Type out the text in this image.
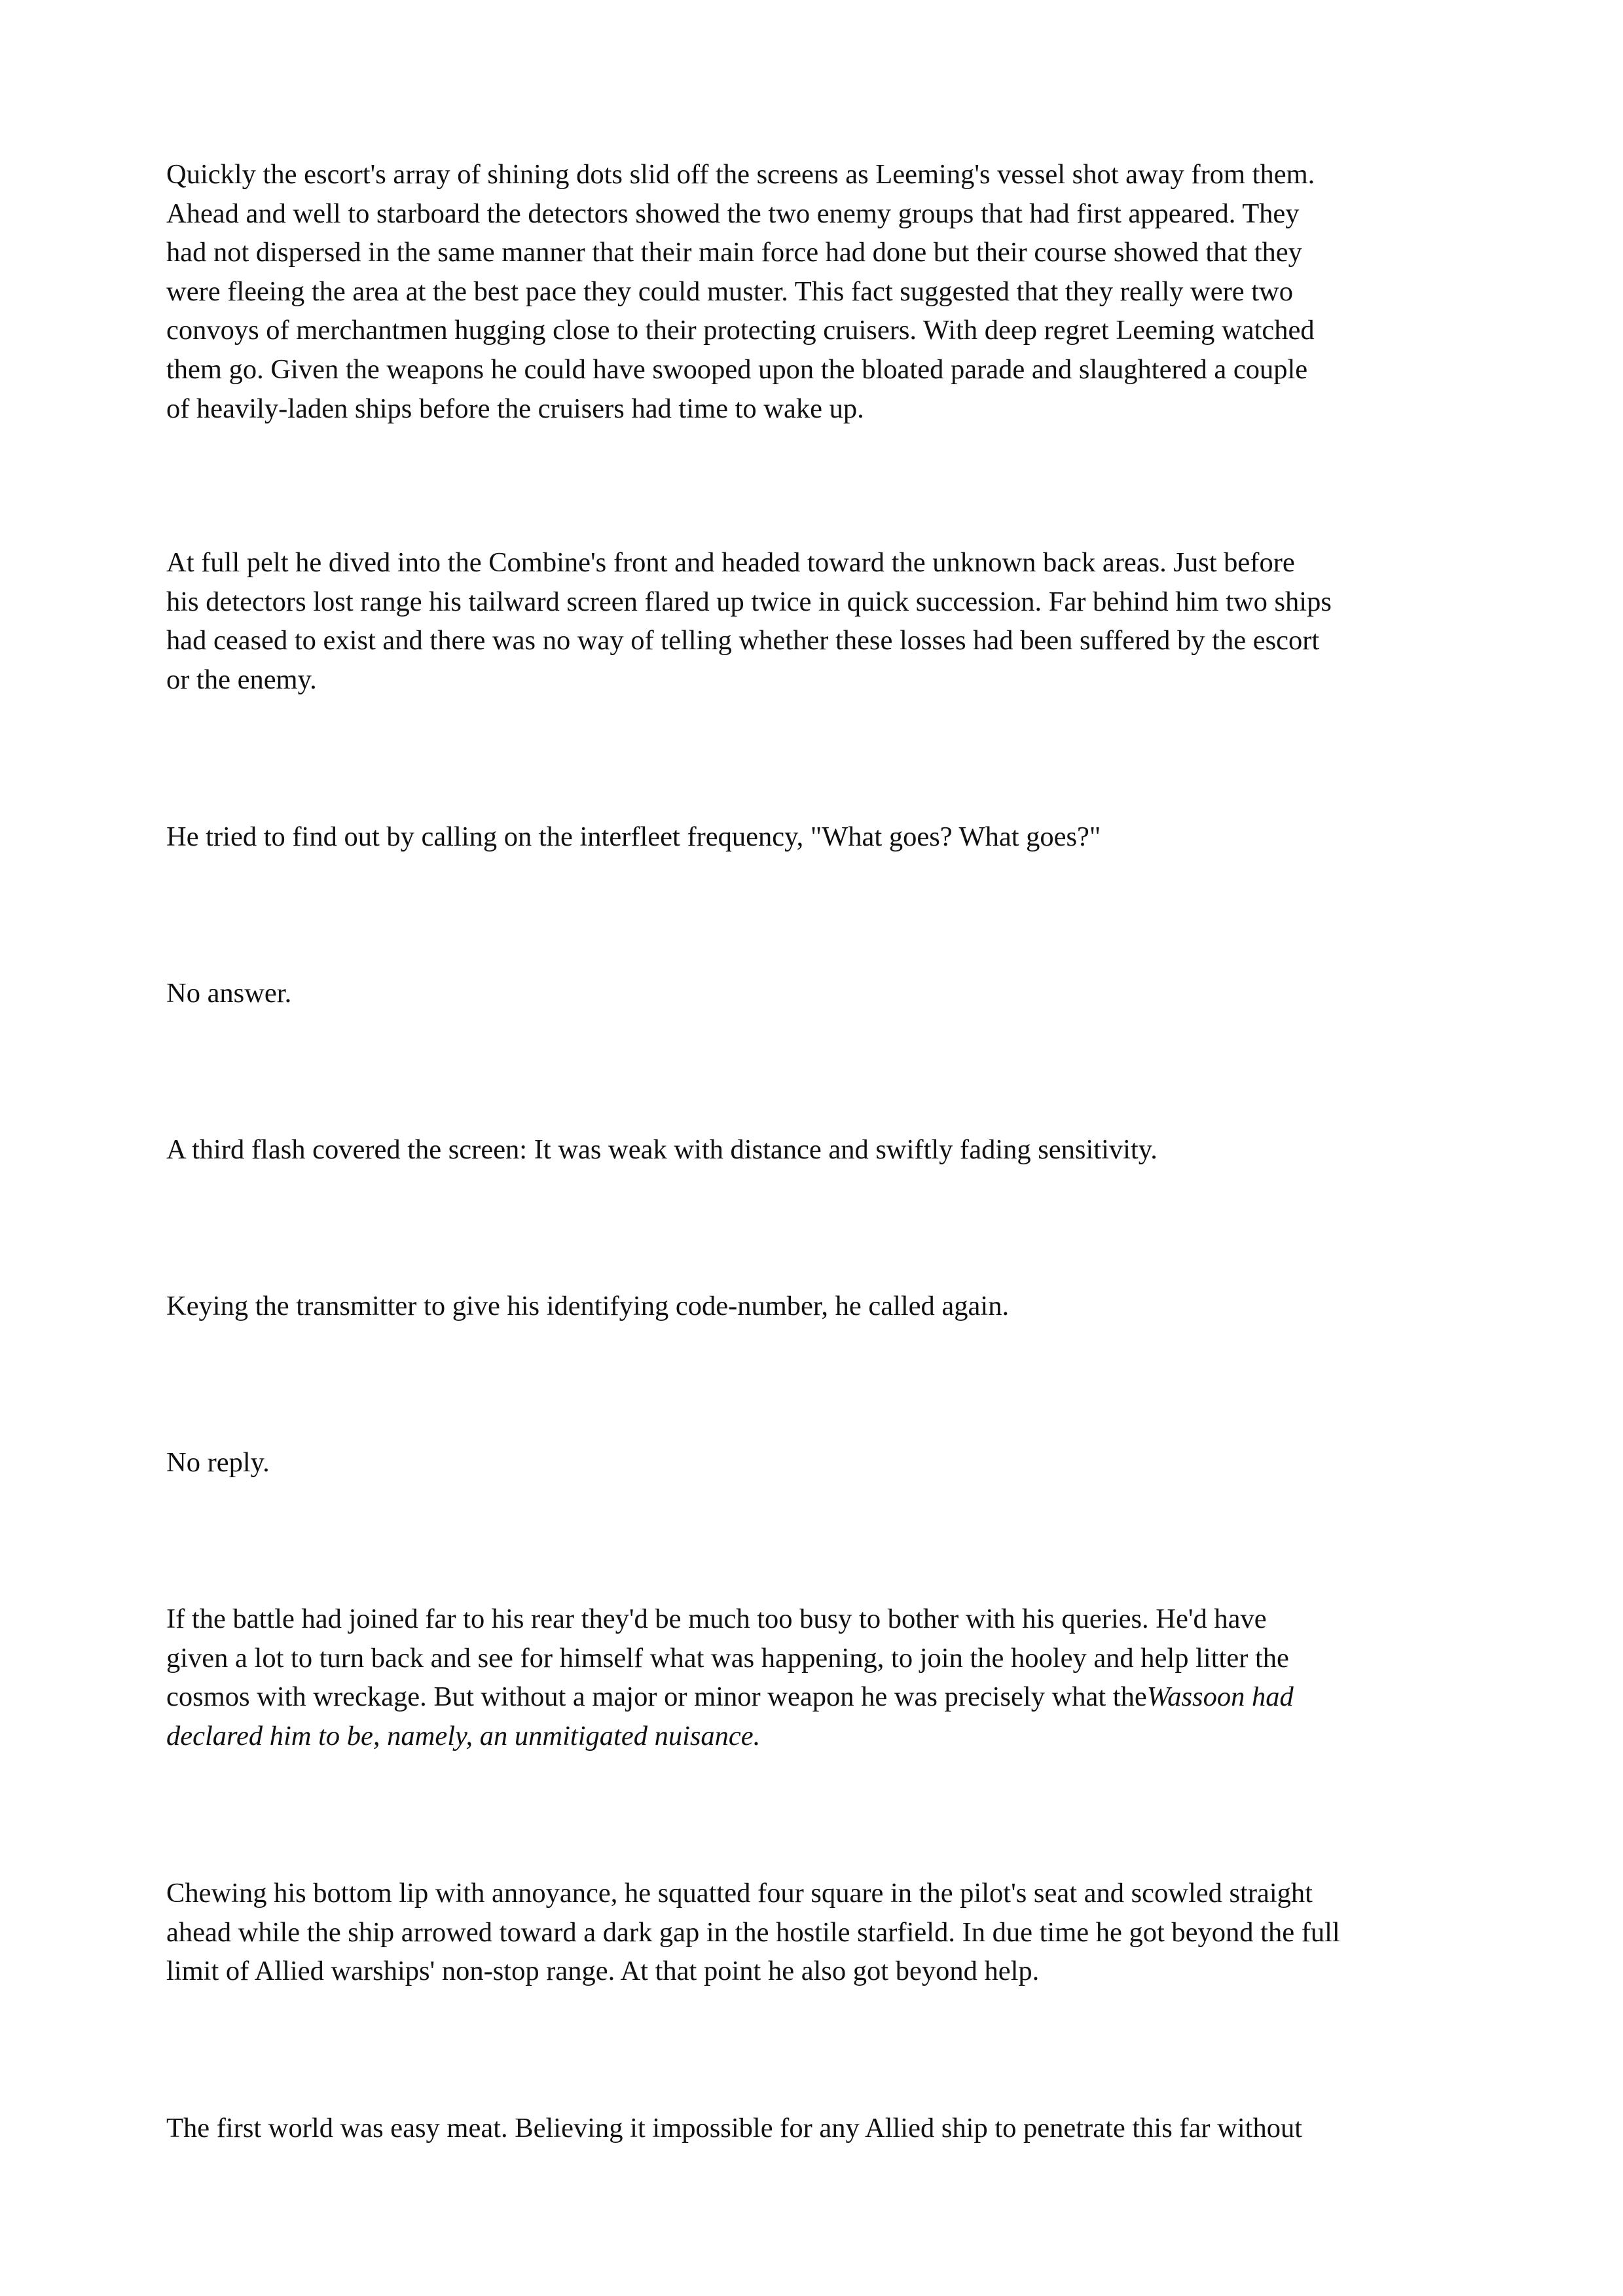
Quickly the escort's array of shining dots slid off the screens as Leeming's vessel shot away from them.
Ahead and well to starboard the detectors showed the two enemy groups that had first appeared. They
had not dispersed in the same manner that their main force had done but their course showed that they
were fleeing the area at the best pace they could muster. This fact suggested that they really were two
convoys of merchantmen hugging close to their protecting cruisers. With deep regret Leeming watched
them go. Given the weapons he could have swooped upon the bloated parade and slaughtered a couple
of heavily-laden ships before the cruisers had time to wake up.

At full pelt he dived into the Combine's front and headed toward the unknown back areas. Just before
his detectors lost range his tailward screen flared up twice in quick succession. Far behind him two ships
had ceased to exist and there was no way of telling whether these losses had been suffered by the escort
or the enemy.

He tried to find out by calling on the interfleet frequency, "What goes? What goes?"

No answer.

A third flash covered the screen: It was weak with distance and swiftly fading sensitivity.

Keying the transmitter to give his identifying code-number, he called again.

No reply.

If the battle had joined far to his rear they'd be much too busy to bother with his queries. He'd have
given a lot to turn back and see for himself what was happening, to join the hooley and help litter the
cosmos with wreckage. But without a major or minor weapon he was precisely what theWassoon had
declared him to be, namely, an unmitigated nuisance.

Chewing his bottom lip with annoyance, he squatted four square in the pilot's seat and scowled straight
ahead while the ship arrowed toward a dark gap in the hostile starfield. In due time he got beyond the full
limit of Allied warships' non-stop range. At that point he also got beyond help.

The first world was easy meat. Believing it impossible for any Allied ship to penetrate this far without
